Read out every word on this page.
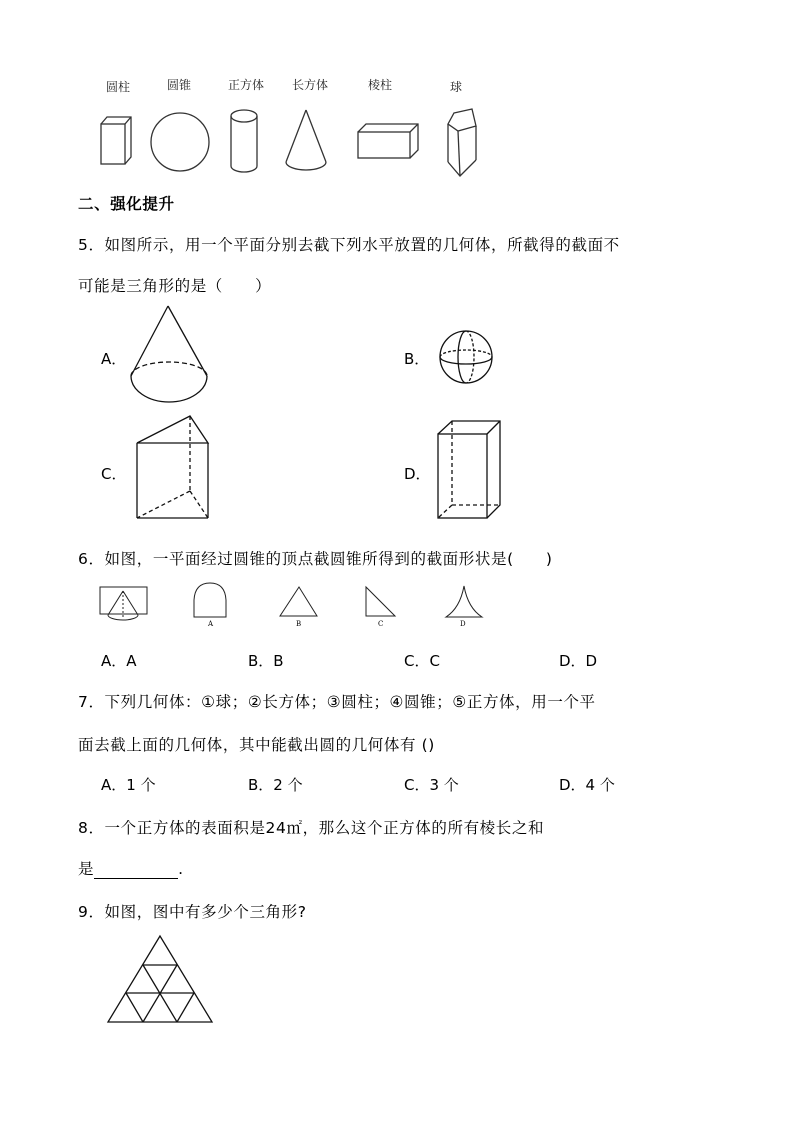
圆柱	圆锥	正方体 长方体	棱柱	球
二、强化提升
5．如图所示，用一个平面分别去截下列水平放置的几何体，所截得的截面不
可能是三角形的是（　　）
A．	B．
C．	D．
6．如图，一平面经过圆锥的顶点截圆锥所得到的截面形状是(　　)
A	B	C	D
A．A	B．B	C．C	D．D
7．下列几何体：①球；②长方体；③圆柱；④圆锥；⑤正方体，用一个平
面去截上面的几何体，其中能截出圆的几何体有 ()
A．1 个	B．2 个	C．3 个	D．4 个
8．一个正方体的表面积是24㎡，那么这个正方体的所有棱长之和
是	.
9．如图，图中有多少个三角形?
